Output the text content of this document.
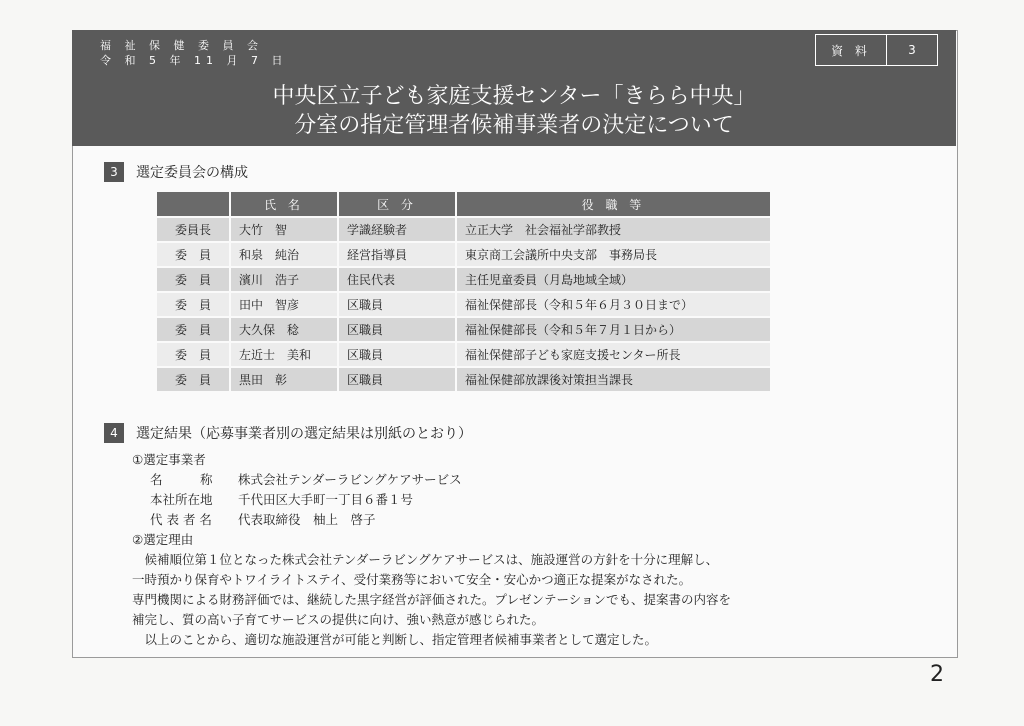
福 祉 保 健 委 員 会
令 和 5 年 11 月 7 日
資 料	3
中央区立子ども家庭支援センター「きらら中央」
分室の指定管理者候補事業者の決定について
3	選定委員会の構成
	氏 名	区 分	役 職 等
委員長	大竹　智	学識経験者	立正大学　社会福祉学部教授
委　員	和泉　純治	経営指導員	東京商工会議所中央支部　事務局長
委　員	濱川　浩子	住民代表	主任児童委員（月島地域全域）
委　員	田中　智彦	区職員	福祉保健部長（令和５年６月３０日まで）
委　員	大久保　稔	区職員	福祉保健部長（令和５年７月１日から）
委　員	左近士　美和	区職員	福祉保健部子ども家庭支援センター所長
委　員	黒田　彰	区職員	福祉保健部放課後対策担当課長
4	選定結果（応募事業者別の選定結果は別紙のとおり）
①選定事業者
名　　　称	株式会社テンダーラビングケアサービス
本社所在地	千代田区大手町一丁目６番１号
代 表 者 名	代表取締役　柚上　啓子
②選定理由
　候補順位第１位となった株式会社テンダーラビングケアサービスは、施設運営の方針を十分に理解し、
一時預かり保育やトワイライトステイ、受付業務等において安全・安心かつ適正な提案がなされた。
専門機関による財務評価では、継続した黒字経営が評価された。プレゼンテーションでも、提案書の内容を
補完し、質の高い子育てサービスの提供に向け、強い熱意が感じられた。
　以上のことから、適切な施設運営が可能と判断し、指定管理者候補事業者として選定した。
2
